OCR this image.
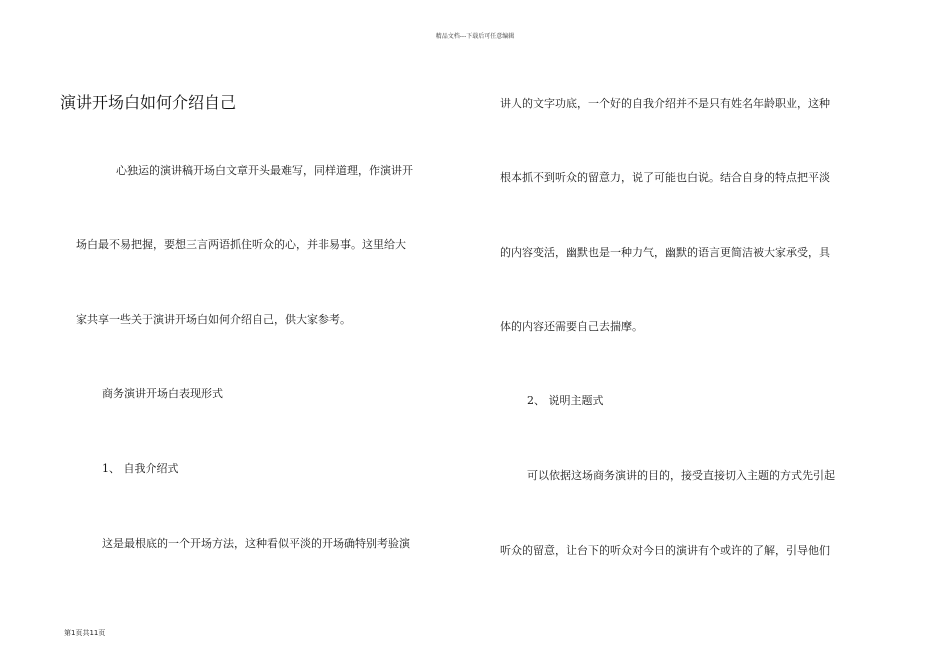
精品文档---下载后可任意编辑
演讲开场白如何介绍自己
心独运的演讲稿开场白文章开头最难写，同样道理，作演讲开
场白最不易把握，要想三言两语抓住听众的心，并非易事。这里给大
家共享一些关于演讲开场白如何介绍自己，供大家参考。
商务演讲开场白表现形式
1、 自我介绍式
这是最根底的一个开场方法，这种看似平淡的开场确特别考验演
讲人的文字功底，一个好的自我介绍并不是只有姓名年龄职业，这种
根本抓不到听众的留意力，说了可能也白说。结合自身的特点把平淡
的内容变活，幽默也是一种力气，幽默的语言更简洁被大家承受，具
体的内容还需要自己去揣摩。
2、 说明主题式
可以依据这场商务演讲的目的，接受直接切入主题的方式先引起
听众的留意，让台下的听众对今日的演讲有个或许的了解，引导他们
第1页共11页
